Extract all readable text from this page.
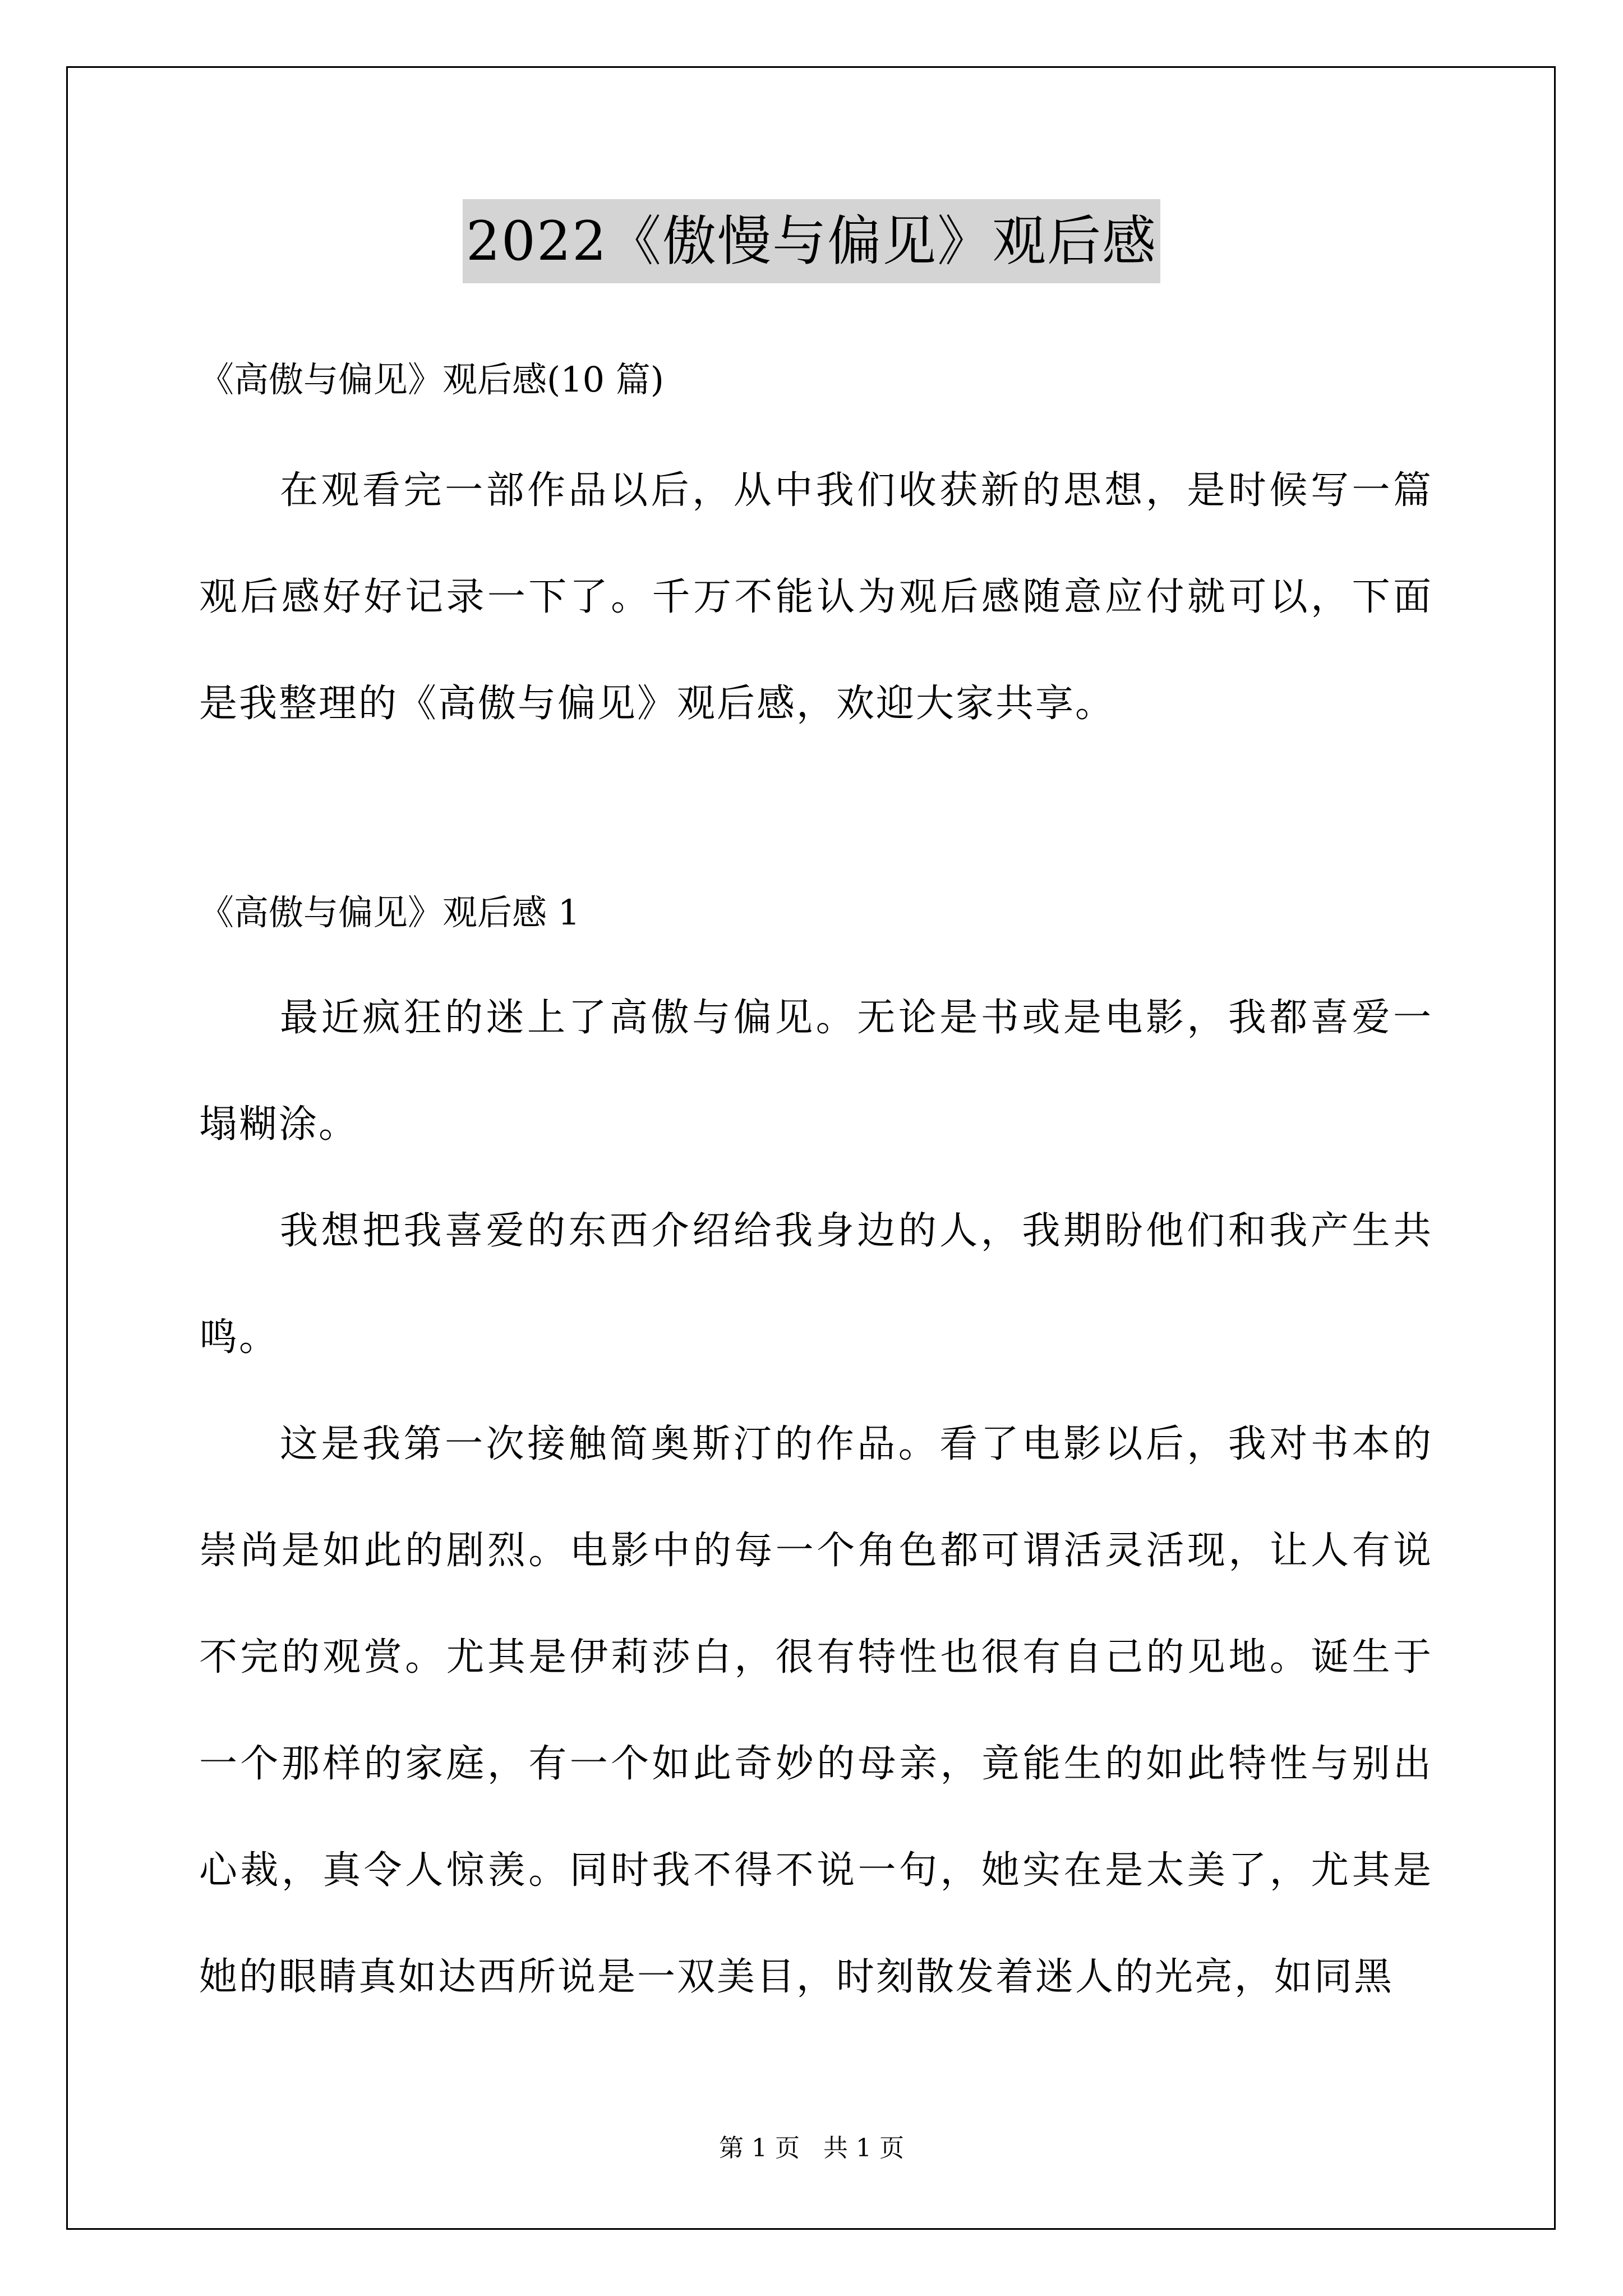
2022《傲慢与偏见》观后感
《高傲与偏见》观后感(10 篇)

在观看完一部作品以后，从中我们收获新的思想，是时候写一篇观后感好好记录一下了。千万不能认为观后感随意应付就可以，下面是我整理的《高傲与偏见》观后感，欢迎大家共享。

《高傲与偏见》观后感 1

最近疯狂的迷上了高傲与偏见。无论是书或是电影，我都喜爱一塌糊涂。

我想把我喜爱的东西介绍给我身边的人，我期盼他们和我产生共鸣。

这是我第一次接触简奥斯汀的作品。看了电影以后，我对书本的崇尚是如此的剧烈。电影中的每一个角色都可谓活灵活现，让人有说不完的观赏。尤其是伊莉莎白，很有特性也很有自己的见地。诞生于一个那样的家庭，有一个如此奇妙的母亲，竟能生的如此特性与别出心裁，真令人惊羡。同时我不得不说一句，她实在是太美了，尤其是她的眼睛真如达西所说是一双美目，时刻散发着迷人的光亮，如同黑

第 1 页 共 1 页
